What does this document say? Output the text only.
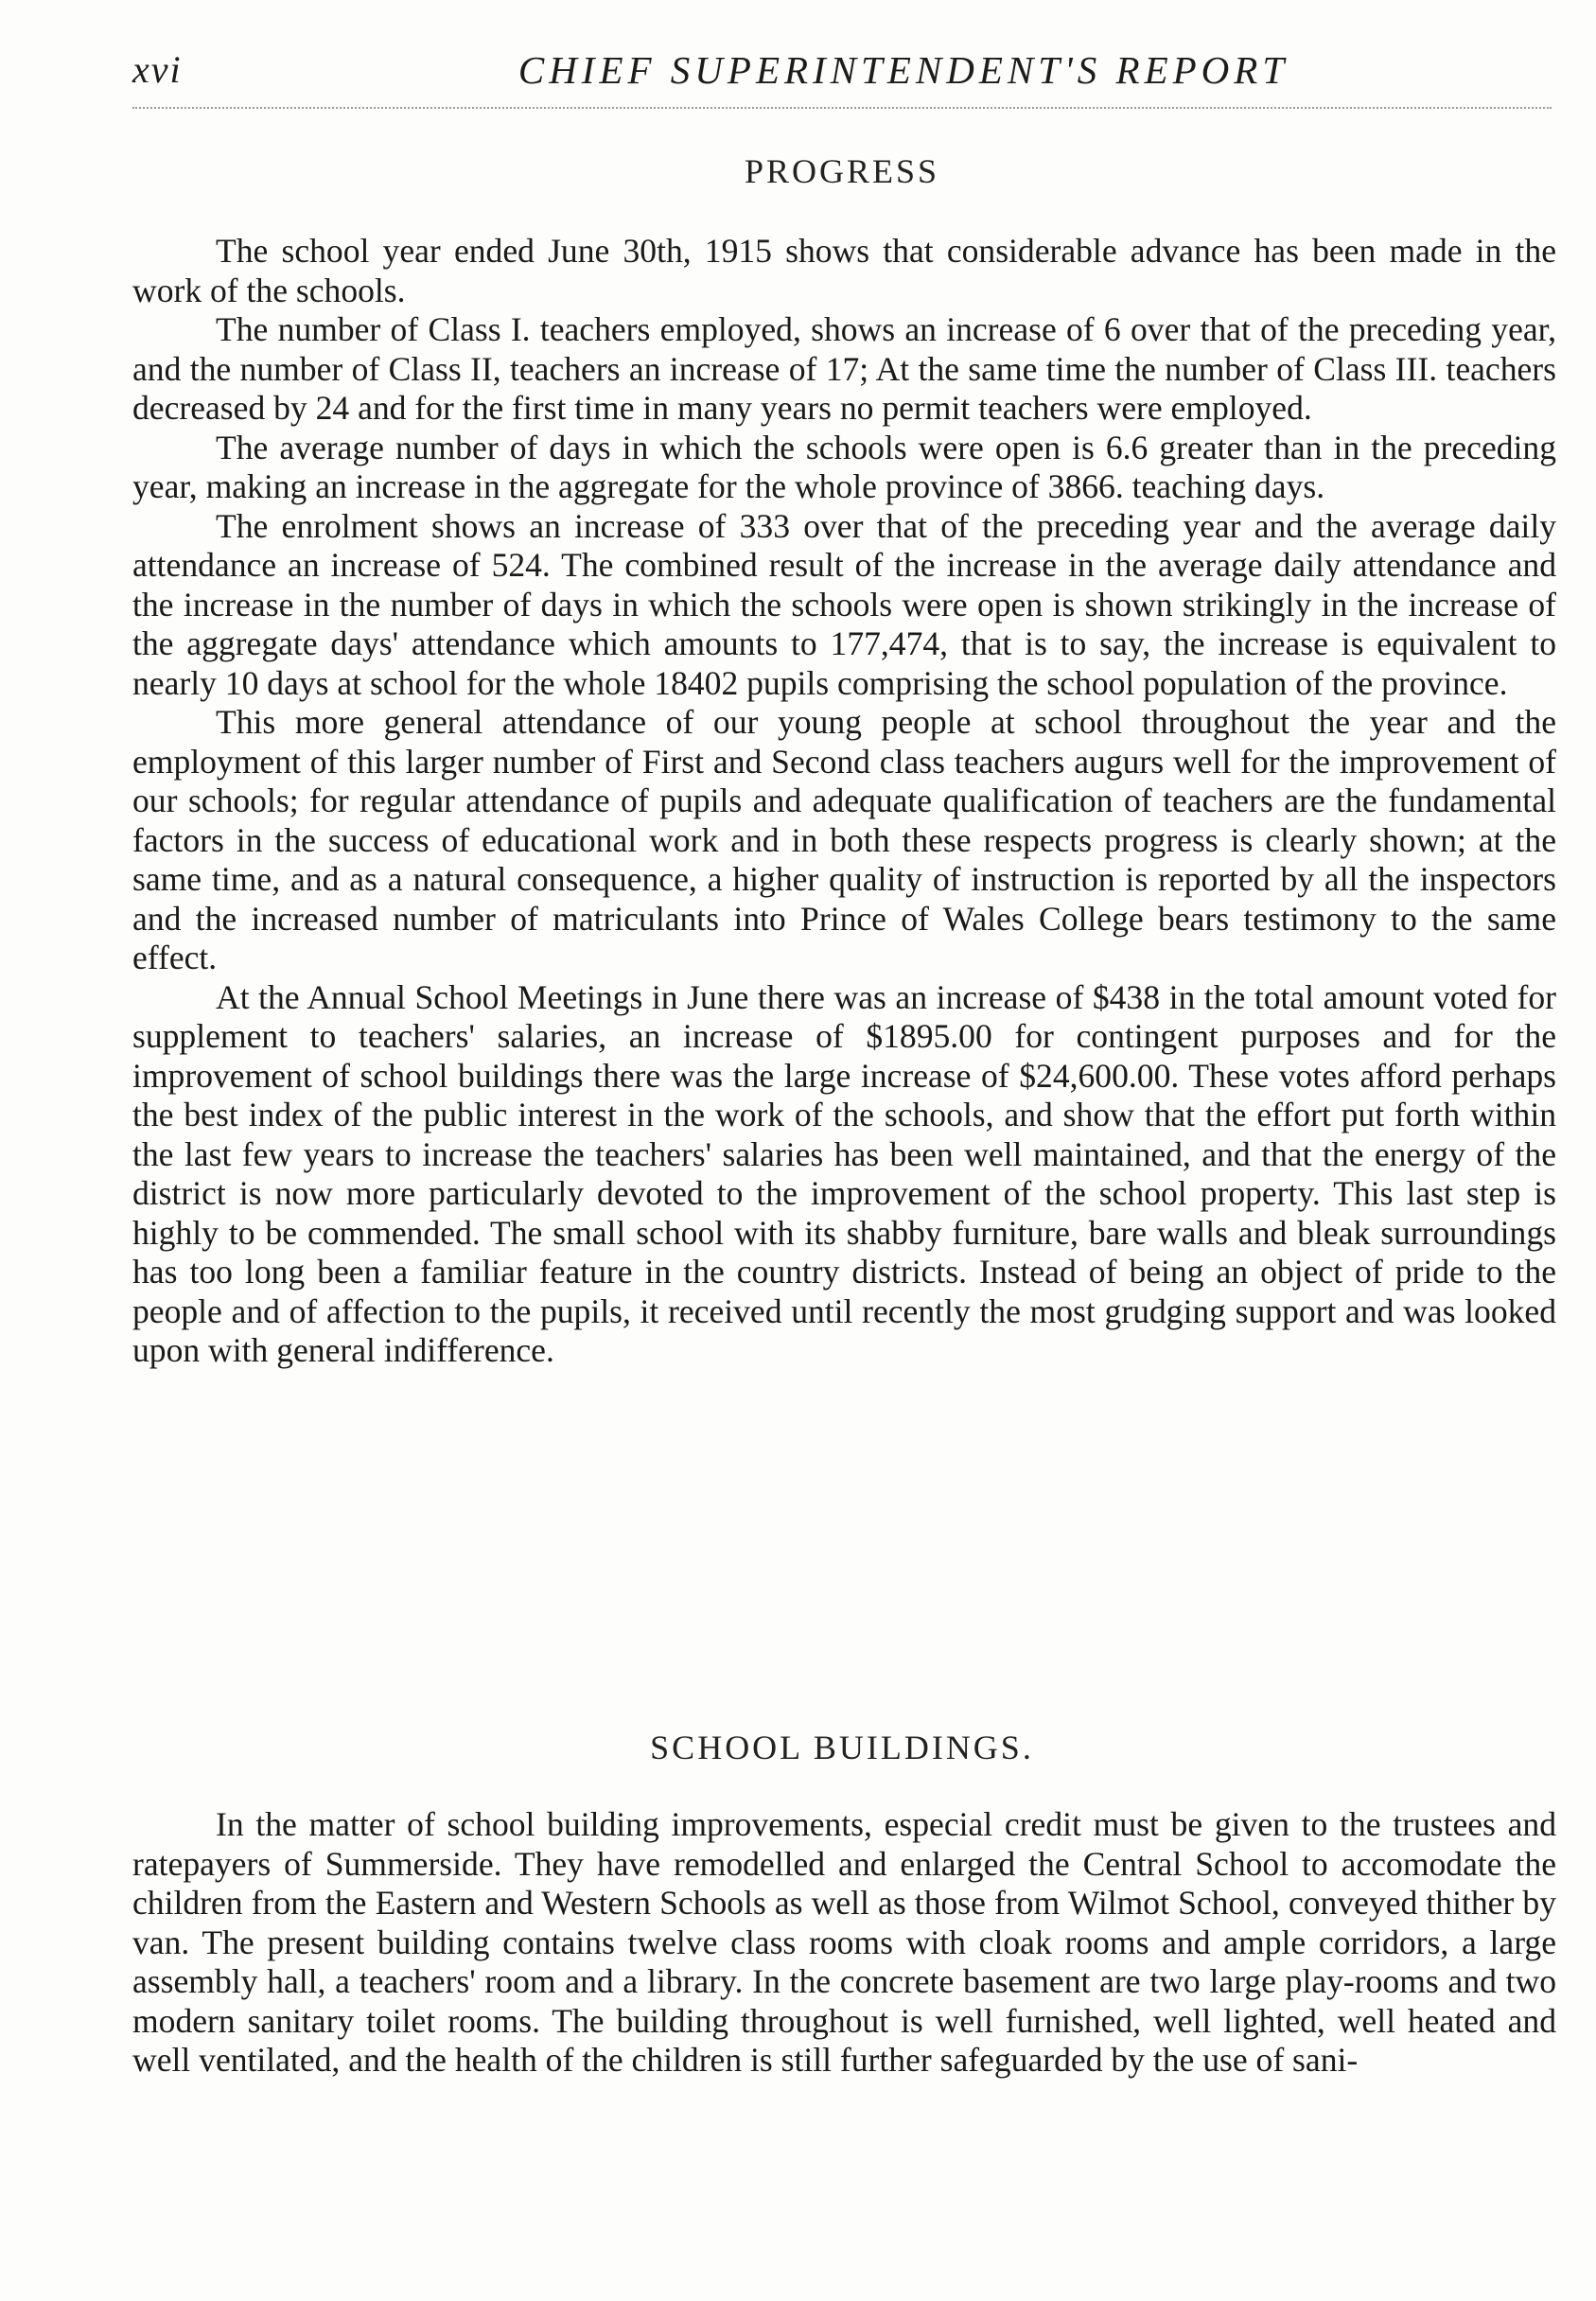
xvi	CHIEF SUPERINTENDENT'S REPORT
PROGRESS

The school year ended June 30th, 1915 shows that considerable advance has been made in the work of the schools.

The number of Class I. teachers employed, shows an increase of 6 over that of the preceding year, and the number of Class II, teachers an increase of 17; At the same time the number of Class III. teachers decreased by 24 and for the first time in many years no permit teachers were employed.

The average number of days in which the schools were open is 6.6 greater than in the preceding year, making an increase in the aggregate for the whole province of 3866. teaching days.

The enrolment shows an increase of 333 over that of the preceding year and the average daily attendance an increase of 524. The combined result of the increase in the average daily attendance and the increase in the number of days in which the schools were open is shown strikingly in the increase of the aggregate days' attendance which amounts to 177,474, that is to say, the increase is equivalent to nearly 10 days at school for the whole 18402 pupils comprising the school population of the province.

This more general attendance of our young people at school throughout the year and the employment of this larger number of First and Second class teachers augurs well for the improvement of our schools; for regular attendance of pupils and adequate qualification of teachers are the fundamental factors in the success of educational work and in both these respects progress is clearly shown; at the same time, and as a natural consequence, a higher quality of instruction is reported by all the inspectors and the increased number of matriculants into Prince of Wales College bears testimony to the same effect.

At the Annual School Meetings in June there was an increase of $438 in the total amount voted for supplement to teachers' salaries, an increase of $1895.00 for contingent purposes and for the improvement of school buildings there was the large increase of $24,600.00. These votes afford perhaps the best index of the public interest in the work of the schools, and show that the effort put forth within the last few years to increase the teachers' salaries has been well maintained, and that the energy of the district is now more particularly devoted to the improvement of the school property. This last step is highly to be commended. The small school with its shabby furniture, bare walls and bleak surroundings has too long been a familiar feature in the country districts. Instead of being an object of pride to the people and of affection to the pupils, it received until recently the most grudging support and was looked upon with general indifference.

SCHOOL BUILDINGS.

In the matter of school building improvements, especial credit must be given to the trustees and ratepayers of Summerside. They have remodelled and enlarged the Central School to accomodate the children from the Eastern and Western Schools as well as those from Wilmot School, conveyed thither by van. The present building contains twelve class rooms with cloak rooms and ample corridors, a large assembly hall, a teachers' room and a library. In the concrete basement are two large play-rooms and two modern sanitary toilet rooms. The building throughout is well furnished, well lighted, well heated and well ventilated, and the health of the children is still further safeguarded by the use of sani-
